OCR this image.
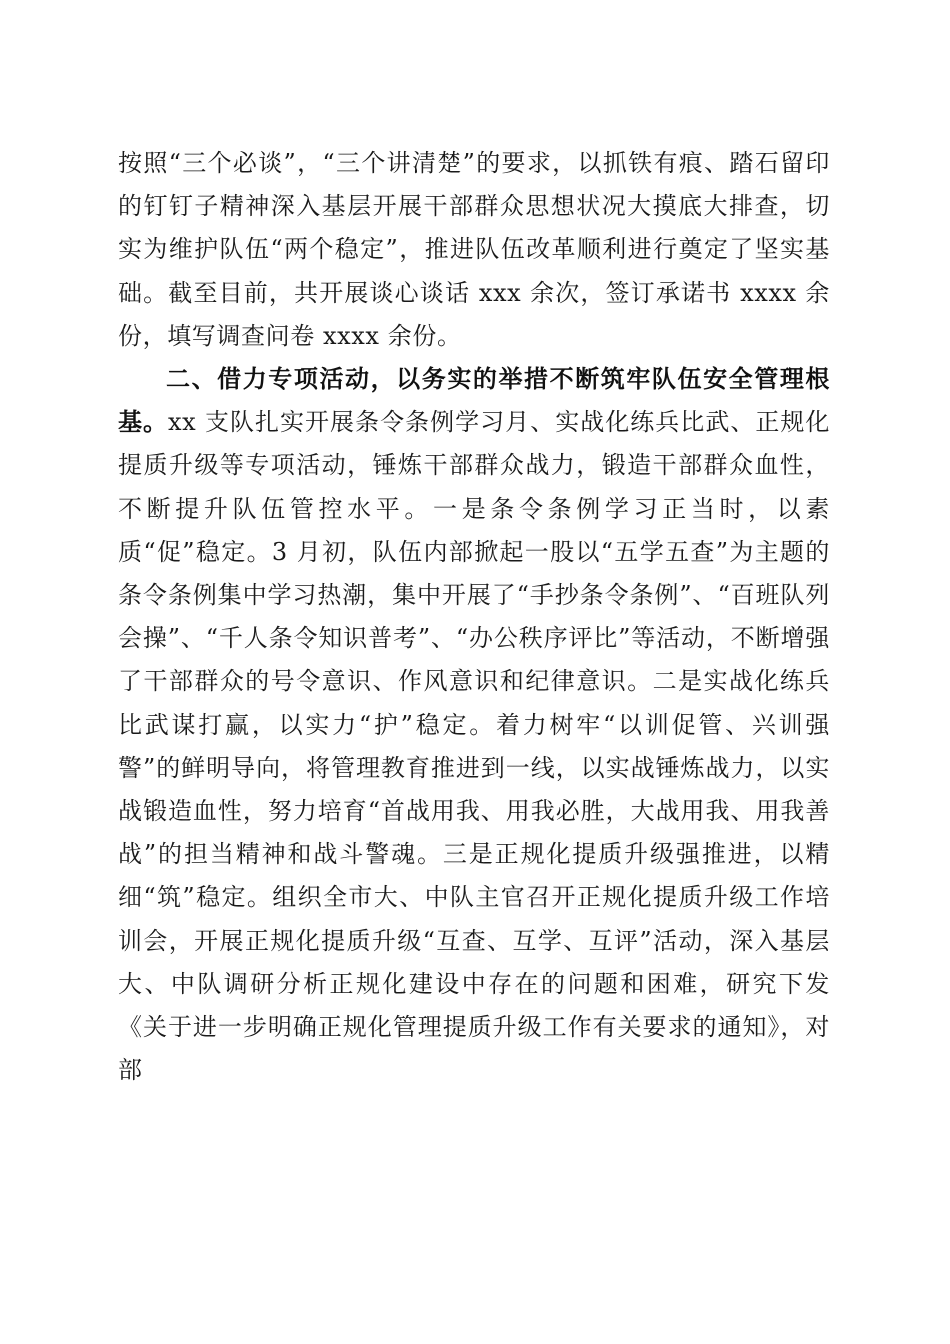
按照“三个必谈”，“三个讲清楚”的要求，以抓铁有痕、踏石留印的钉钉子精神深入基层开展干部群众思想状况大摸底大排查，切实为维护队伍“两个稳定”，推进队伍改革顺利进行奠定了坚实基础。截至目前，共开展谈心谈话 xxx 余次，签订承诺书 xxxx 余份，填写调查问卷 xxxx 余份。

二、借力专项活动，以务实的举措不断筑牢队伍安全管理根基。xx 支队扎实开展条令条例学习月、实战化练兵比武、正规化提质升级等专项活动，锤炼干部群众战力，锻造干部群众血性，不断提升队伍管控水平。一是条令条例学习正当时，以素质“促”稳定。3 月初，队伍内部掀起一股以“五学五查”为主题的条令条例集中学习热潮，集中开展了“手抄条令条例”、“百班队列会操”、“千人条令知识普考”、“办公秩序评比”等活动，不断增强了干部群众的号令意识、作风意识和纪律意识。二是实战化练兵比武谋打赢，以实力“护”稳定。着力树牢“以训促管、兴训强警”的鲜明导向，将管理教育推进到一线，以实战锤炼战力，以实战锻造血性，努力培育“首战用我、用我必胜，大战用我、用我善战”的担当精神和战斗警魂。三是正规化提质升级强推进，以精细“筑”稳定。组织全市大、中队主官召开正规化提质升级工作培训会，开展正规化提质升级“互查、互学、互评”活动，深入基层大、中队调研分析正规化建设中存在的问题和困难，研究下发《关于进一步明确正规化管理提质升级工作有关要求的通知》，对部
